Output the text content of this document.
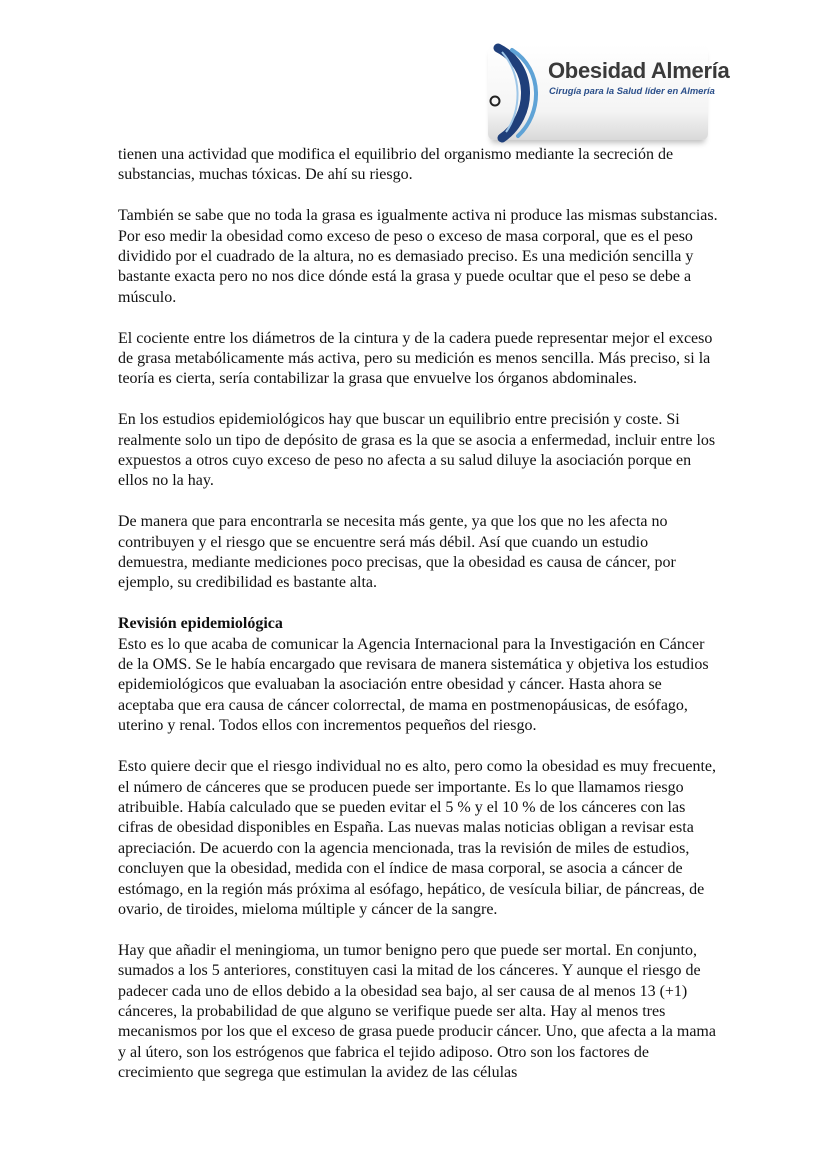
Obesidad Almería
Cirugía para la Salud líder en Almería

tienen una actividad que modifica el equilibrio del organismo mediante la secreción de substancias, muchas tóxicas. De ahí su riesgo.

También se sabe que no toda la grasa es igualmente activa ni produce las mismas substancias. Por eso medir la obesidad como exceso de peso o exceso de masa corporal, que es el peso dividido por el cuadrado de la altura, no es demasiado preciso. Es una medición sencilla y bastante exacta pero no nos dice dónde está la grasa y puede ocultar que el peso se debe a músculo.

El cociente entre los diámetros de la cintura y de la cadera puede representar mejor el exceso de grasa metabólicamente más activa, pero su medición es menos sencilla. Más preciso, si la teoría es cierta, sería contabilizar la grasa que envuelve los órganos abdominales.

En los estudios epidemiológicos hay que buscar un equilibrio entre precisión y coste. Si realmente solo un tipo de depósito de grasa es la que se asocia a enfermedad, incluir entre los expuestos a otros cuyo exceso de peso no afecta a su salud diluye la asociación porque en ellos no la hay.

De manera que para encontrarla se necesita más gente, ya que los que no les afecta no contribuyen y el riesgo que se encuentre será más débil. Así que cuando un estudio demuestra, mediante mediciones poco precisas, que la obesidad es causa de cáncer, por ejemplo, su credibilidad es bastante alta.

Revisión epidemiológica

Esto es lo que acaba de comunicar la Agencia Internacional para la Investigación en Cáncer de la OMS. Se le había encargado que revisara de manera sistemática y objetiva los estudios epidemiológicos que evaluaban la asociación entre obesidad y cáncer. Hasta ahora se aceptaba que era causa de cáncer colorrectal, de mama en postmenopáusicas, de esófago, uterino y renal. Todos ellos con incrementos pequeños del riesgo.

Esto quiere decir que el riesgo individual no es alto, pero como la obesidad es muy frecuente, el número de cánceres que se producen puede ser importante. Es lo que llamamos riesgo atribuible. Había calculado que se pueden evitar el 5 % y el 10 % de los cánceres con las cifras de obesidad disponibles en España. Las nuevas malas noticias obligan a revisar esta apreciación. De acuerdo con la agencia mencionada, tras la revisión de miles de estudios, concluyen que la obesidad, medida con el índice de masa corporal, se asocia a cáncer de estómago, en la región más próxima al esófago, hepático, de vesícula biliar, de páncreas, de ovario, de tiroides, mieloma múltiple y cáncer de la sangre.

Hay que añadir el meningioma, un tumor benigno pero que puede ser mortal. En conjunto, sumados a los 5 anteriores, constituyen casi la mitad de los cánceres. Y aunque el riesgo de padecer cada uno de ellos debido a la obesidad sea bajo, al ser causa de al menos 13 (+1) cánceres, la probabilidad de que alguno se verifique puede ser alta. Hay al menos tres mecanismos por los que el exceso de grasa puede producir cáncer. Uno, que afecta a la mama y al útero, son los estrógenos que fabrica el tejido adiposo. Otro son los factores de crecimiento que segrega que estimulan la avidez de las células
